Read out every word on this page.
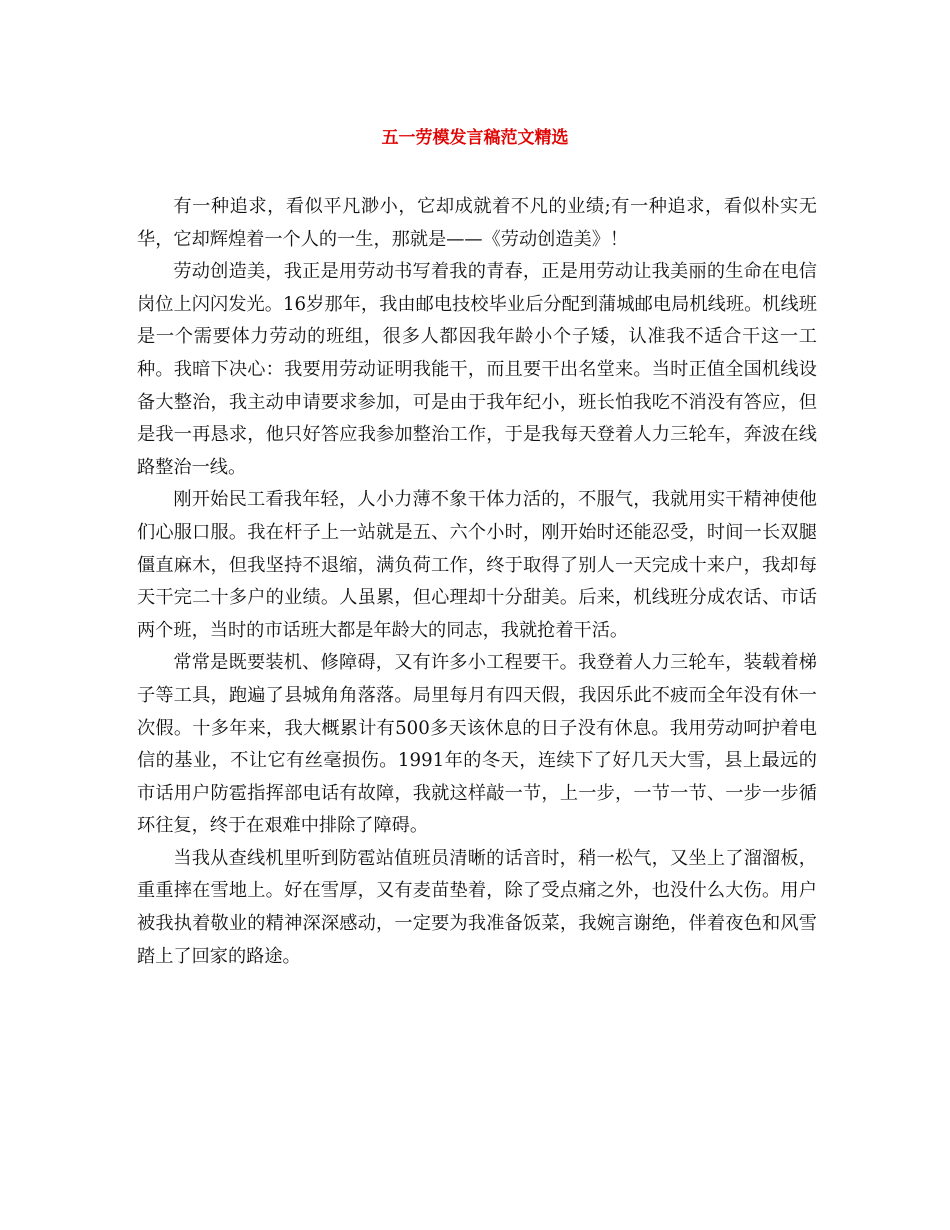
五一劳模发言稿范文精选

有一种追求，看似平凡渺小，它却成就着不凡的业绩;有一种追求，看似朴实无华，它却辉煌着一个人的一生，那就是——《劳动创造美》！

劳动创造美，我正是用劳动书写着我的青春，正是用劳动让我美丽的生命在电信岗位上闪闪发光。16岁那年，我由邮电技校毕业后分配到蒲城邮电局机线班。机线班是一个需要体力劳动的班组，很多人都因我年龄小个子矮，认准我不适合干这一工种。我暗下决心：我要用劳动证明我能干，而且要干出名堂来。当时正值全国机线设备大整治，我主动申请要求参加，可是由于我年纪小，班长怕我吃不消没有答应，但是我一再恳求，他只好答应我参加整治工作，于是我每天登着人力三轮车，奔波在线路整治一线。

刚开始民工看我年轻，人小力薄不象干体力活的，不服气，我就用实干精神使他们心服口服。我在杆子上一站就是五、六个小时，刚开始时还能忍受，时间一长双腿僵直麻木，但我坚持不退缩，满负荷工作，终于取得了别人一天完成十来户，我却每天干完二十多户的业绩。人虽累，但心理却十分甜美。后来，机线班分成农话、市话两个班，当时的市话班大都是年龄大的同志，我就抢着干活。

常常是既要装机、修障碍，又有许多小工程要干。我登着人力三轮车，装载着梯子等工具，跑遍了县城角角落落。局里每月有四天假，我因乐此不疲而全年没有休一次假。十多年来，我大概累计有500多天该休息的日子没有休息。我用劳动呵护着电信的基业，不让它有丝毫损伤。1991年的冬天，连续下了好几天大雪，县上最远的市话用户防雹指挥部电话有故障，我就这样敲一节，上一步，一节一节、一步一步循环往复，终于在艰难中排除了障碍。

当我从查线机里听到防雹站值班员清晰的话音时，稍一松气，又坐上了溜溜板，重重摔在雪地上。好在雪厚，又有麦苗垫着，除了受点痛之外，也没什么大伤。用户被我执着敬业的精神深深感动，一定要为我准备饭菜，我婉言谢绝，伴着夜色和风雪踏上了回家的路途。
